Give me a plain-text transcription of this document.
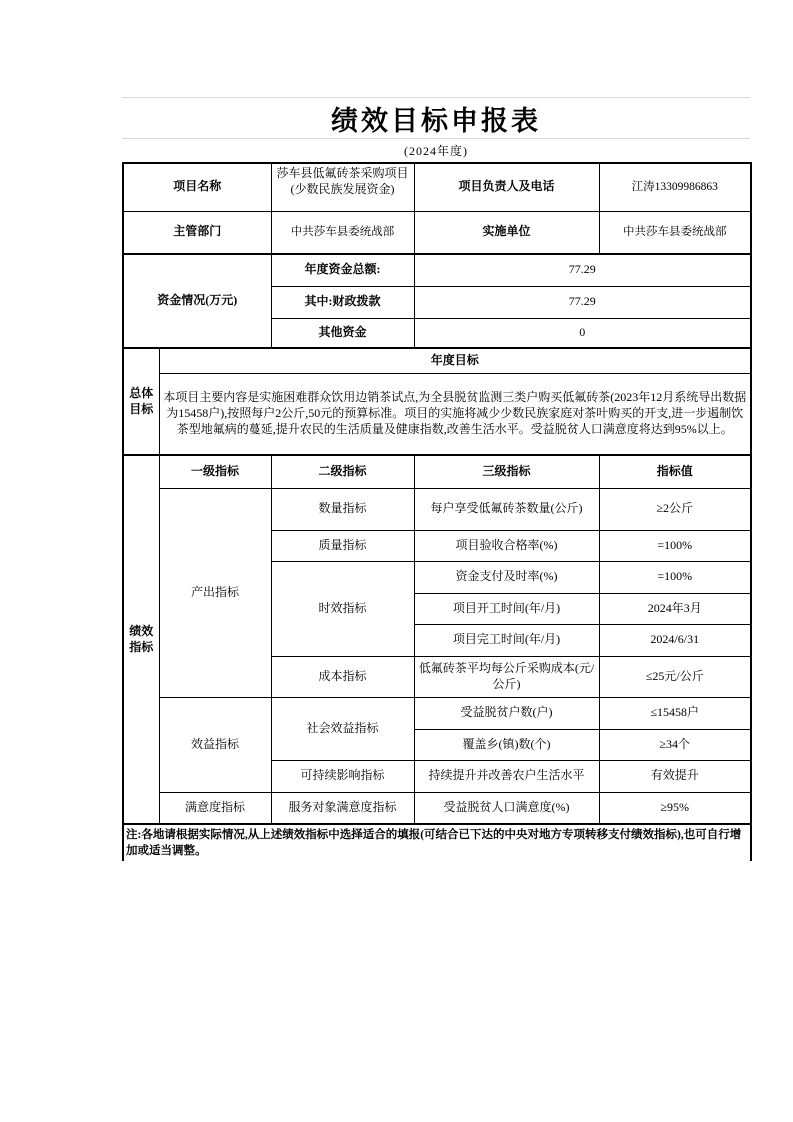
绩效目标申报表
(2024年度)
项目名称		莎车县低氟砖茶采购项目(少数民族发展资金)	项目负责人及电话	江涛13309986863
主管部门		中共莎车县委统战部	实施单位	中共莎车县委统战部
资金情况(万元)		年度资金总额:	77.29	
		其中:财政拨款	77.29	
		其他资金	0	
总体目标	年度目标			
	本项目主要内容是实施困难群众饮用边销茶试点,为全县脱贫监测三类户购买低氟砖茶(2023年12月系统导出数据为15458户),按照每户2公斤,50元的预算标准。项目的实施将减少少数民族家庭对茶叶购买的开支,进一步遏制饮茶型地氟病的蔓延,提升农民的生活质量及健康指数,改善生活水平。受益脱贫人口满意度将达到95%以上。			
绩效指标	一级指标	二级指标	三级指标	指标值
	产出指标	数量指标	每户享受低氟砖茶数量(公斤)	≥2公斤
		质量指标	项目验收合格率(%)	=100%
		时效指标	资金支付及时率(%)	=100%
			项目开工时间(年/月)	2024年3月
			项目完工时间(年/月)	2024/6/31
		成本指标	低氟砖茶平均每公斤采购成本(元/公斤)	≤25元/公斤
	效益指标	社会效益指标	受益脱贫户数(户)	≤15458户
			覆盖乡(镇)数(个)	≥34个
		可持续影响指标	持续提升并改善农户生活水平	有效提升
	满意度指标	服务对象满意度指标	受益脱贫人口满意度(%)	≥95%
注:各地请根据实际情况,从上述绩效指标中选择适合的填报(可结合已下达的中央对地方专项转移支付绩效指标),也可自行增加或适当调整。				
